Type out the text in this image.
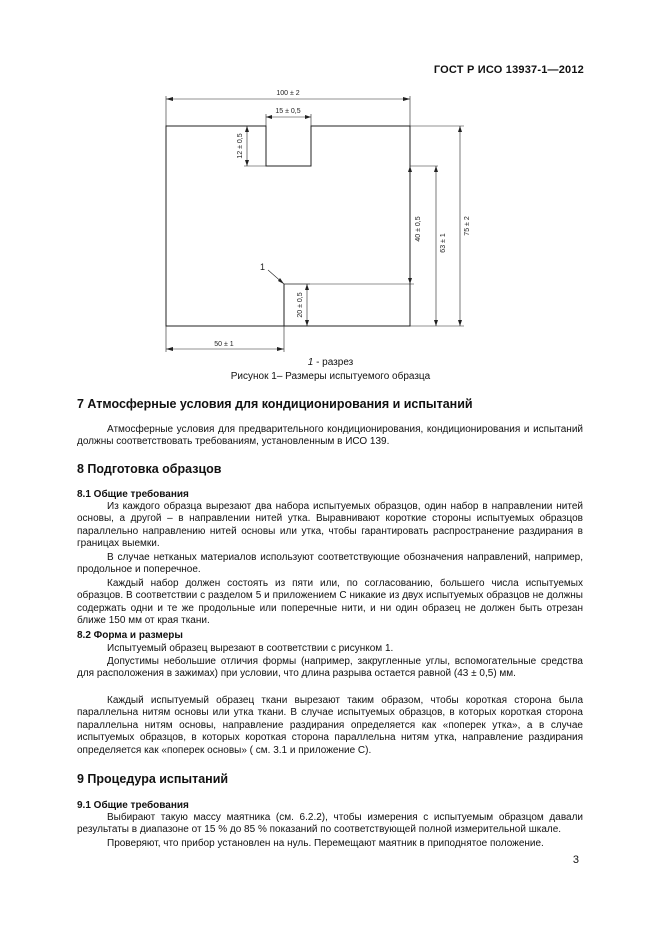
ГОСТ Р ИСО 13937-1—2012
100 ± 2
15 ± 0,5
12 ± 0,5
40 ± 0,5
63 ± 1
75 ± 2
20 ± 0,5
50 ± 1
1
1 - разрез
Рисунок 1– Размеры испытуемого образца
7 Атмосферные условия для кондиционирования и испытаний

Атмосферные условия для предварительного кондиционирования, кондиционирования и испытаний должны соответствовать требованиям, установленным в ИСО 139.

8 Подготовка образцов
8.1 Общие требования

Из каждого образца вырезают два набора испытуемых образцов, один набор в направлении нитей основы, а другой – в направлении нитей утка. Выравнивают короткие стороны испытуемых образцов параллельно направлению нитей основы или утка, чтобы гарантировать распространение раздирания в границах выемки.

В случае нетканых материалов используют соответствующие обозначения направлений, например, продольное и поперечное.

Каждый набор должен состоять из пяти или, по согласованию, большего числа испытуемых образцов. В соответствии с разделом 5 и приложением С никакие из двух испытуемых образцов не должны содержать одни и те же продольные или поперечные нити, и ни один образец не должен быть отрезан ближе 150 мм от края ткани.

8.2 Форма и размеры

Испытуемый образец вырезают в соответствии с рисунком 1.

Допустимы небольшие отличия формы (например, закругленные углы, вспомогательные средства для расположения в зажимах) при условии, что длина разрыва остается равной (43 ± 0,5) мм.

Каждый испытуемый образец ткани вырезают таким образом, чтобы короткая сторона была параллельна нитям основы или утка ткани. В случае испытуемых образцов, в которых короткая сторона параллельна нитям основы, направление раздирания определяется как «поперек утка», а в случае испытуемых образцов, в которых короткая сторона параллельна нитям утка, направление раздирания определяется как «поперек основы» ( см. 3.1 и приложение С).

9 Процедура испытаний
9.1 Общие требования

Выбирают такую массу маятника (см. 6.2.2), чтобы измерения с испытуемым образцом давали результаты в диапазоне от 15 % до 85 % показаний по соответствующей полной измерительной шкале.

Проверяют, что прибор установлен на нуль. Перемещают маятник в приподнятое положение.

3
